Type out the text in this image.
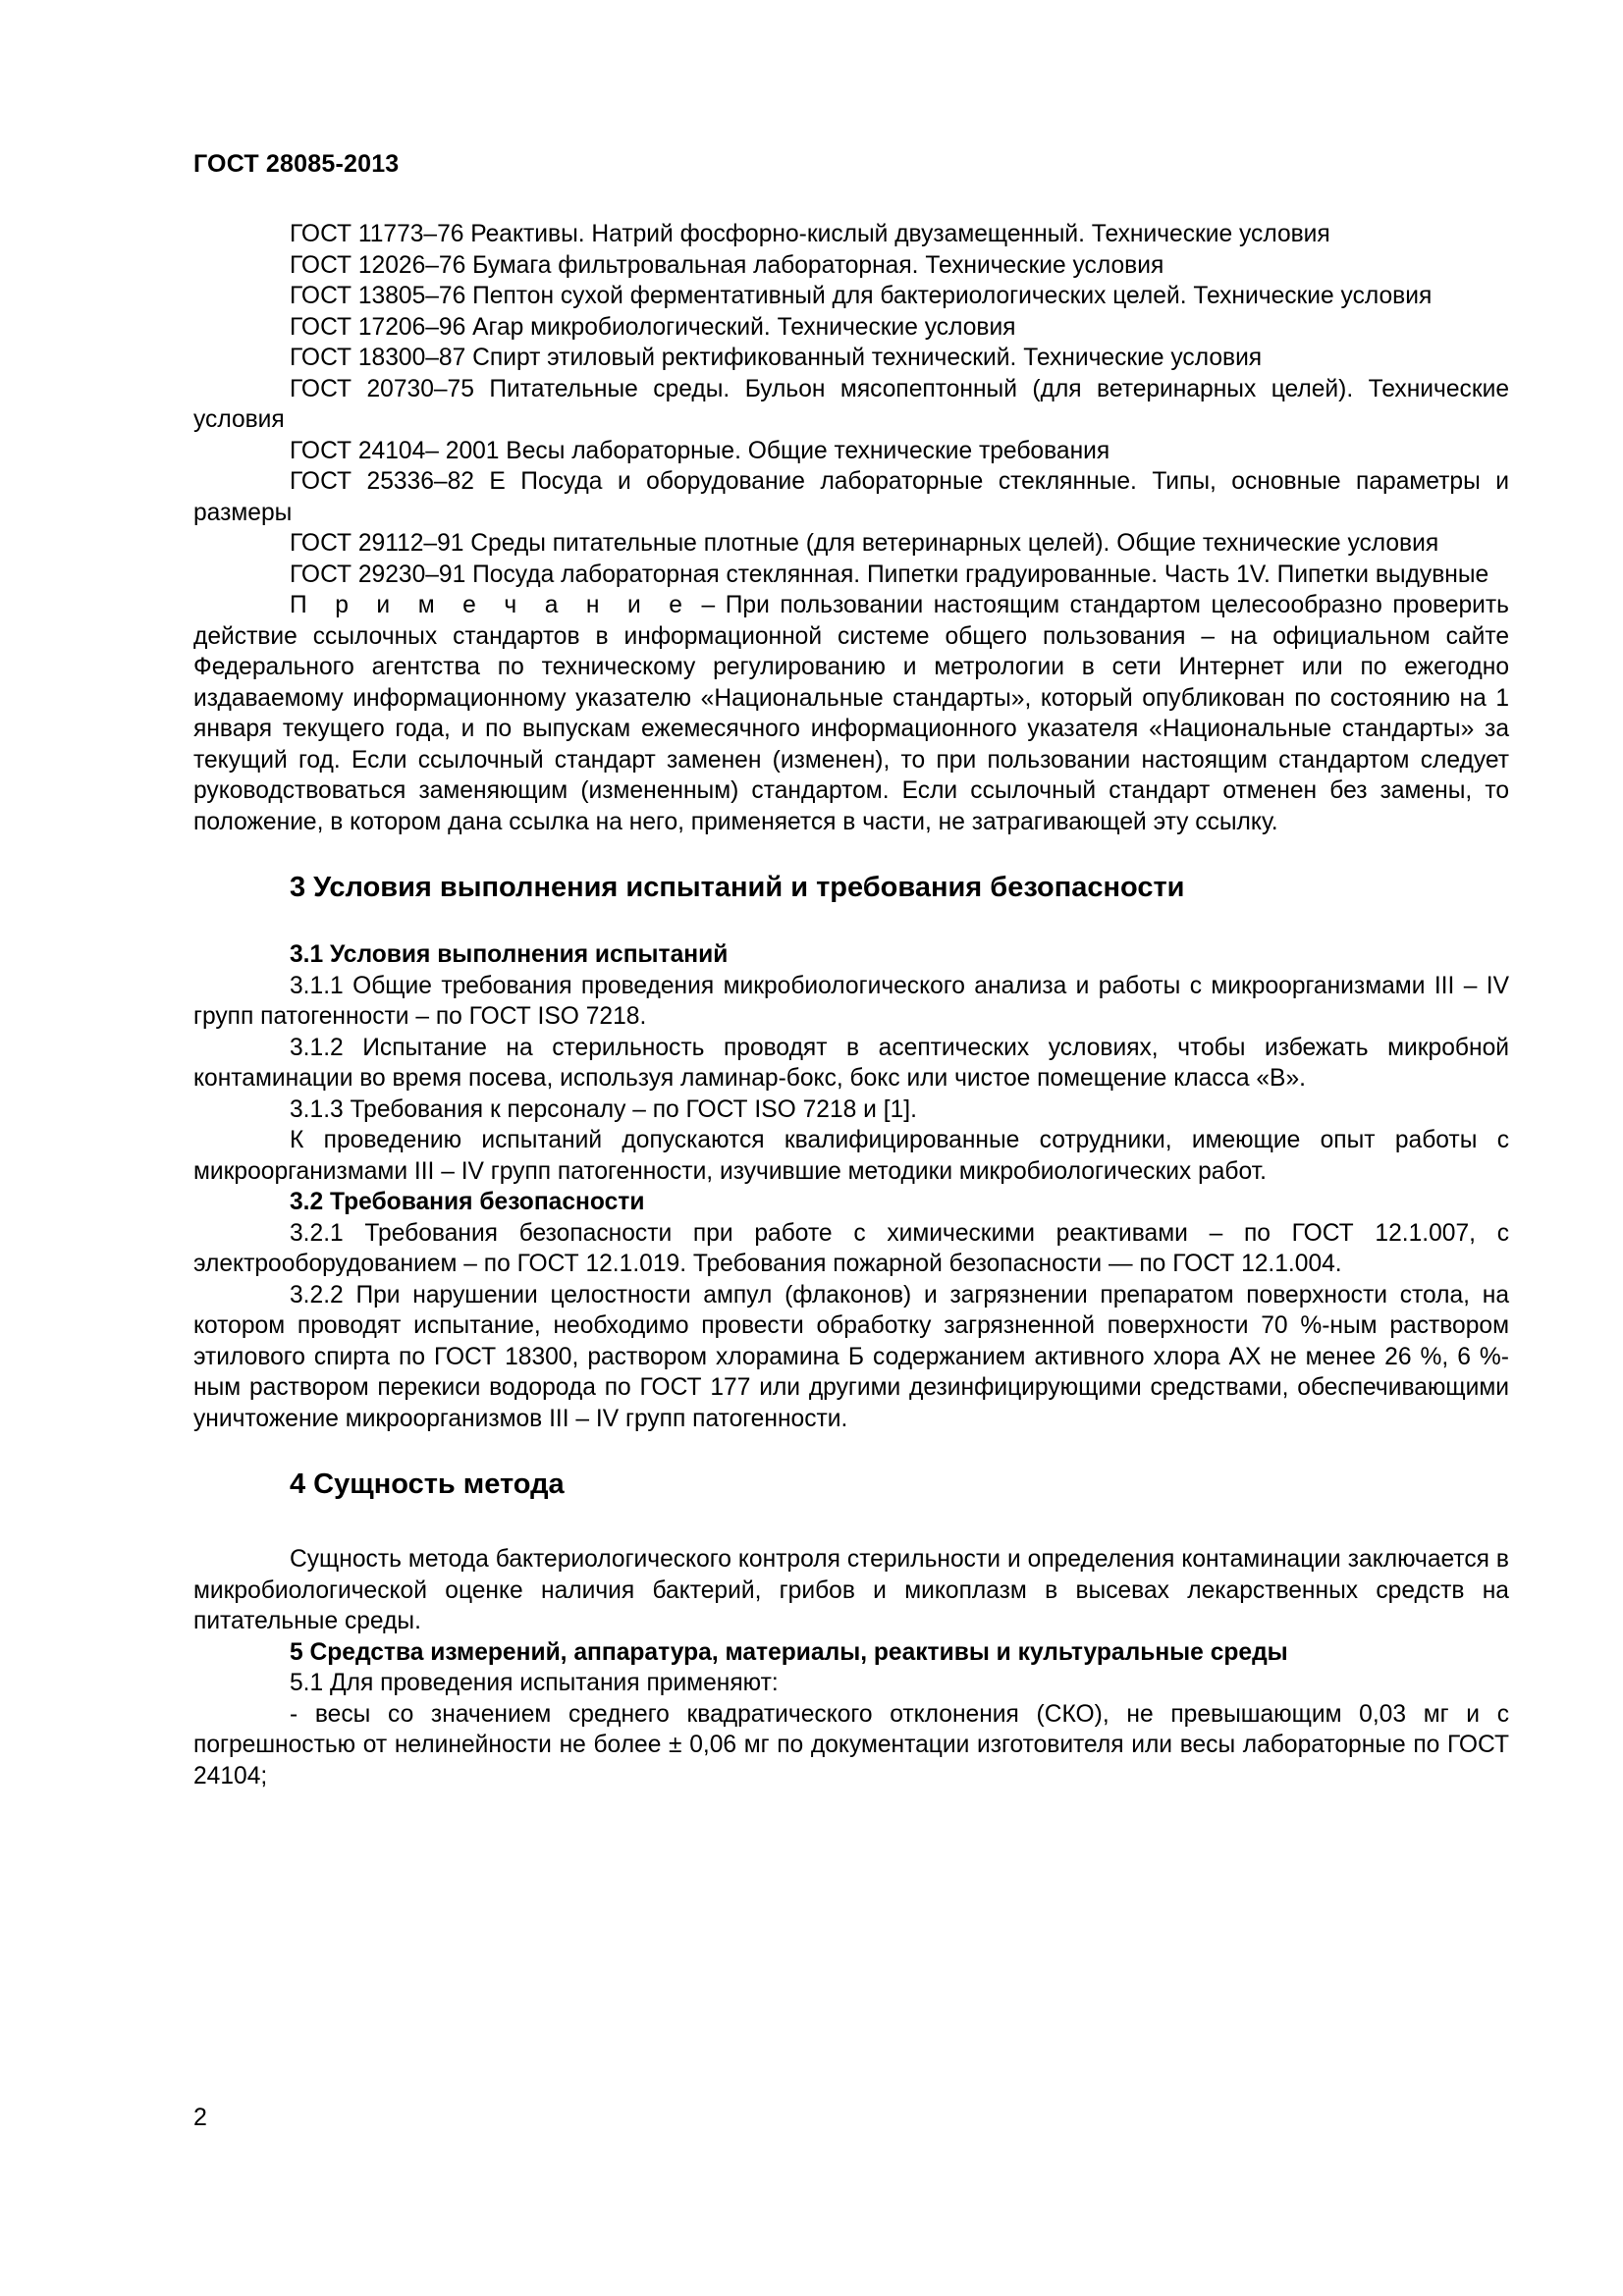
ГОСТ 28085-2013

ГОСТ 11773–76 Реактивы. Натрий фосфорно-кислый двузамещенный. Технические условия

ГОСТ 12026–76 Бумага фильтровальная лабораторная. Технические условия

ГОСТ 13805–76 Пептон сухой ферментативный для бактериологических целей. Технические условия

ГОСТ 17206–96 Агар микробиологический. Технические условия

ГОСТ 18300–87 Спирт этиловый ректификованный технический. Технические условия

ГОСТ 20730–75 Питательные среды. Бульон мясопептонный (для ветеринарных целей). Технические условия

ГОСТ 24104– 2001 Весы лабораторные. Общие технические требования

ГОСТ 25336–82 Е Посуда и оборудование лабораторные стеклянные. Типы, основные параметры и размеры

ГОСТ 29112–91 Среды питательные плотные (для ветеринарных целей). Общие технические условия

ГОСТ 29230–91 Посуда лабораторная стеклянная. Пипетки градуированные. Часть 1V. Пипетки выдувные

П р и м е ч а н и е – При пользовании настоящим стандартом целесообразно проверить действие ссылочных стандартов в информационной системе общего пользования – на официальном сайте Федерального агентства по техническому регулированию и метрологии в сети Интернет или по ежегодно издаваемому информационному указателю «Национальные стандарты», который опубликован по состоянию на 1 января текущего года, и по выпускам ежемесячного информационного указателя «Национальные стандарты» за текущий год. Если ссылочный стандарт заменен (изменен), то при пользовании настоящим стандартом следует руководствоваться заменяющим (измененным) стандартом. Если ссылочный стандарт отменен без замены, то положение, в котором дана ссылка на него, применяется в части, не затрагивающей эту ссылку.

3 Условия выполнения испытаний и требования безопасности

3.1 Условия выполнения испытаний

3.1.1 Общие требования проведения микробиологического анализа и работы с микроорганизмами III – IV групп патогенности – по ГОСТ ISO 7218.

3.1.2 Испытание на стерильность проводят в асептических условиях, чтобы избежать микробной контаминации во время посева, используя ламинар-бокс, бокс или чистое помещение класса «В».

3.1.3 Требования к персоналу – по ГОСТ ISO 7218 и [1].

К проведению испытаний допускаются квалифицированные сотрудники, имеющие опыт работы с микроорганизмами III – IV групп патогенности, изучившие методики микробиологических работ.

3.2 Требования безопасности

3.2.1 Требования безопасности при работе с химическими реактивами – по ГОСТ 12.1.007, с электрооборудованием – по ГОСТ 12.1.019. Требования пожарной безопасности — по ГОСТ 12.1.004.

3.2.2 При нарушении целостности ампул (флаконов) и загрязнении препаратом поверхности стола, на котором проводят испытание, необходимо провести обработку загрязненной поверхности 70 %-ным раствором этилового спирта по ГОСТ 18300, раствором хлорамина Б содержанием активного хлора АХ не менее 26 %, 6 %-ным раствором перекиси водорода по ГОСТ 177 или другими дезинфицирующими средствами, обеспечивающими уничтожение микроорганизмов III – IV групп патогенности.

4 Сущность метода

Сущность метода бактериологического контроля стерильности и определения контаминации заключается в микробиологической оценке наличия бактерий, грибов и микоплазм в высевах лекарственных средств на питательные среды.

5 Средства измерений, аппаратура, материалы, реактивы и культуральные среды

5.1 Для проведения испытания применяют:

- весы со значением среднего квадратического отклонения (СКО), не превышающим 0,03 мг и с погрешностью от нелинейности не более ± 0,06 мг по документации изготовителя или весы лабораторные по ГОСТ 24104;

2
